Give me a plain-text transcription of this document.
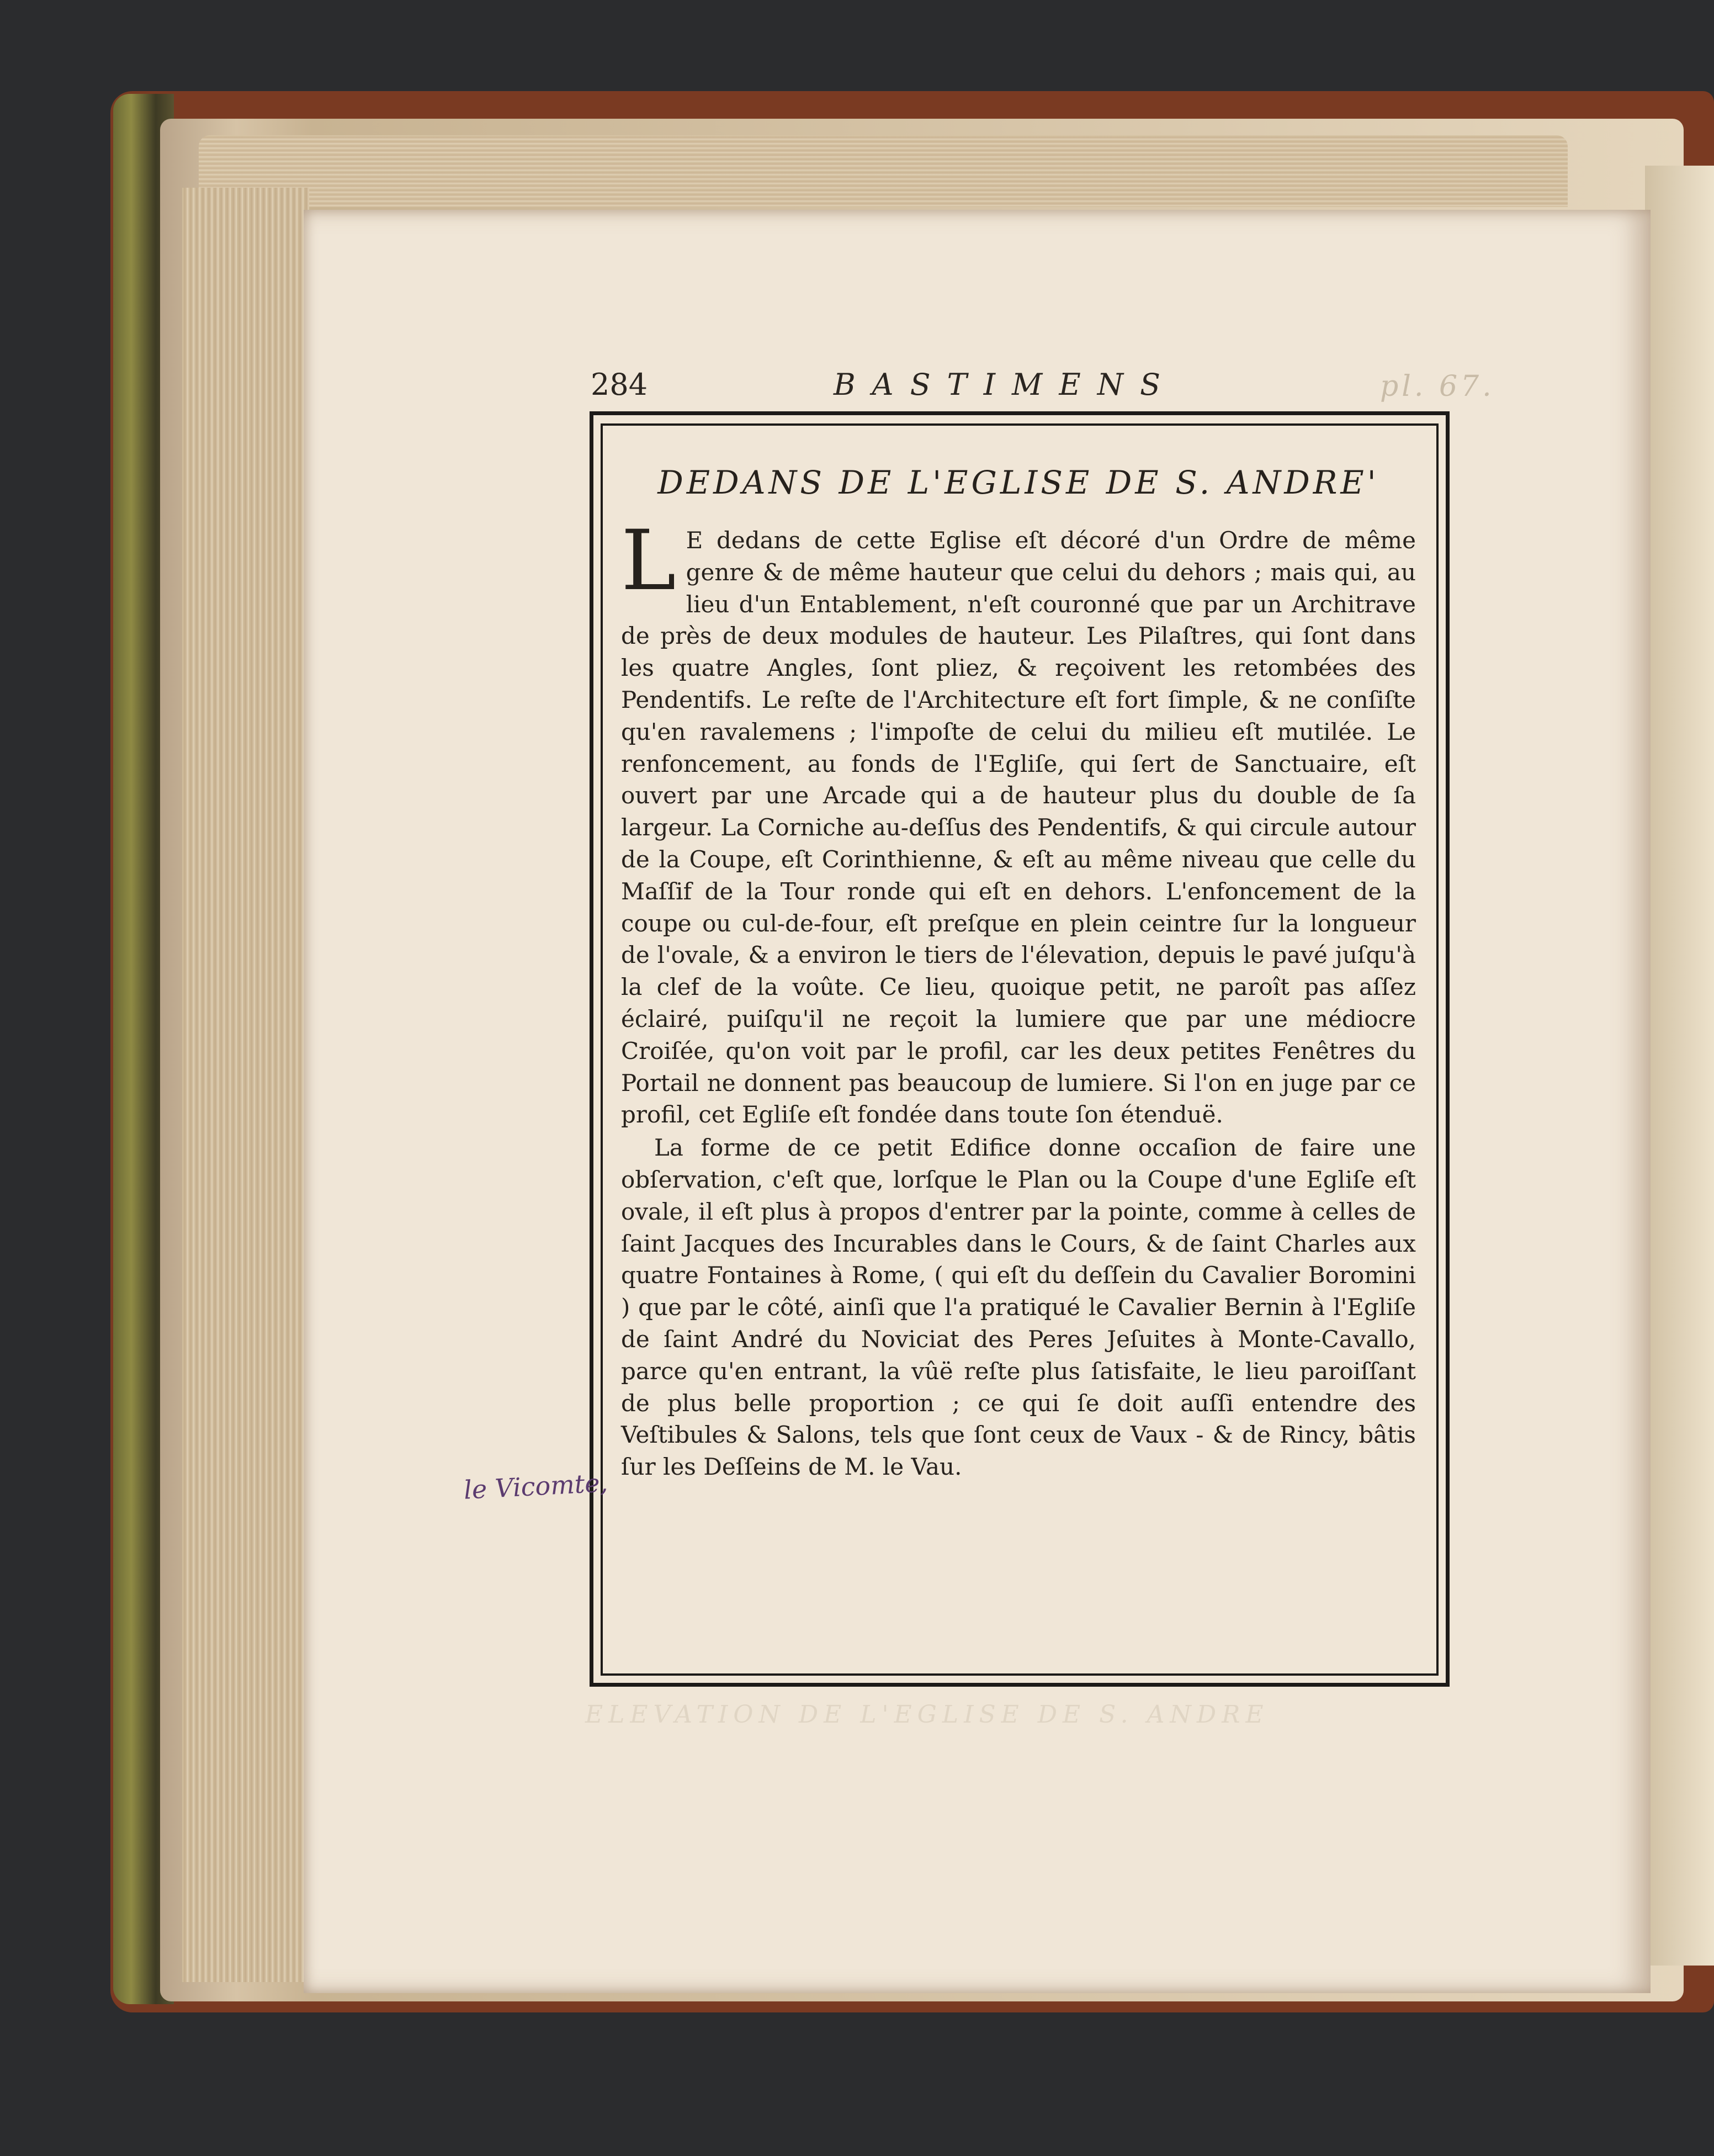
284	BASTIMENS	pl. 67.
DEDANS DE L'EGLISE DE S. ANDRE'
L E dedans de cette Eglise eſt décoré d'un Ordre de même genre & de même hauteur que celui du dehors ; mais qui, au lieu d'un Entablement, n'eſt couronné que par un Architrave de près de deux modules de hauteur. Les Pilaſtres, qui ſont dans les quatre Angles, ſont pliez, & reçoivent les retombées des Pendentifs. Le reſte de l'Architecture eſt fort ſimple, & ne conſiſte qu'en ravalemens ; l'impoſte de celui du milieu eſt mutilée. Le renfoncement, au fonds de l'Egliſe, qui ſert de Sanctuaire, eſt ouvert par une Arcade qui a de hauteur plus du double de ſa largeur. La Corniche au-deſſus des Pendentifs, & qui circule autour de la Coupe, eſt Corinthienne, & eſt au même niveau que celle du Maſſif de la Tour ronde qui eſt en dehors. L'enfoncement de la coupe ou cul-de-four, eſt preſque en plein ceintre ſur la longueur de l'ovale, & a environ le tiers de l'élevation, depuis le pavé juſqu'à la clef de la voûte. Ce lieu, quoique petit, ne paroît pas aſſez éclairé, puiſqu'il ne reçoit la lumiere que par une médiocre Croiſée, qu'on voit par le profil, car les deux petites Fenêtres du Portail ne donnent pas beaucoup de lumiere. Si l'on en juge par ce profil, cet Egliſe eſt fondée dans toute ſon étenduë.
La forme de ce petit Edifice donne occaſion de faire une obſervation, c'eſt que, lorſque le Plan ou la Coupe d'une Egliſe eſt ovale, il eſt plus à propos d'entrer par la pointe, comme à celles de ſaint Jacques des Incurables dans le Cours, & de ſaint Charles aux quatre Fontaines à Rome, ( qui eſt du deſſein du Cavalier Boromini ) que par le côté, ainſi que l'a pratiqué le Cavalier Bernin à l'Egliſe de ſaint André du Noviciat des Peres Jeſuites à Monte-Cavallo, parce qu'en entrant, la vûë reſte plus ſatisfaite, le lieu paroiſſant de plus belle proportion ; ce qui ſe doit auſſi entendre des Veſtibules & Salons, tels que ſont ceux de Vaux - & de Rincy, bâtis ſur les Deſſeins de M. le Vau.
le Vicomte,
ELEVATION DE L'EGLISE DE S. ANDRE
